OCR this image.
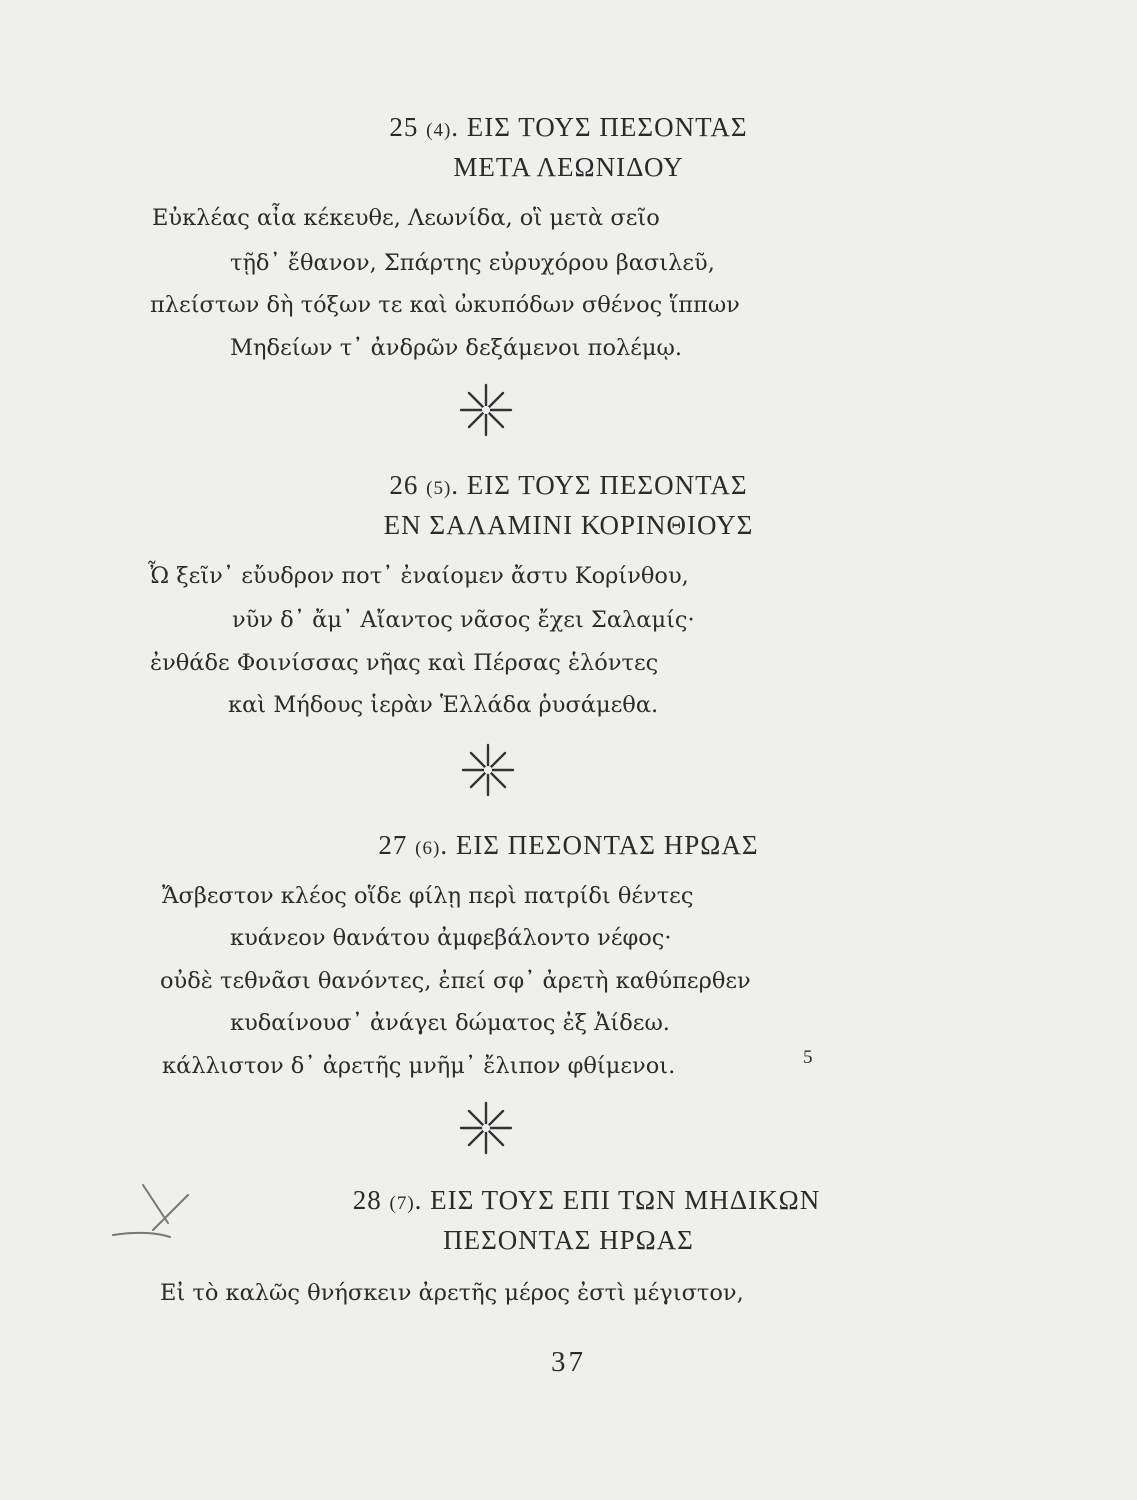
25 (4). ΕΙΣ ΤΟΥΣ ΠΕΣΟΝΤΑΣ
ΜΕΤΑ ΛΕΩΝΙΔΟΥ
Εὐκλέας αἶα κέκευθε, Λεωνίδα, οἳ μετὰ σεῖο
τῇδ᾽ ἔθανον, Σπάρτης εὐρυχόρου βασιλεῦ,
πλείστων δὴ τόξων τε καὶ ὠκυπόδων σθένος ἵππων
Μηδείων τ᾽ ἀνδρῶν δεξάμενοι πολέμῳ.
26 (5). ΕΙΣ ΤΟΥΣ ΠΕΣΟΝΤΑΣ
ΕΝ ΣΑΛΑΜΙΝΙ ΚΟΡΙΝΘΙΟΥΣ
Ὦ ξεῖν᾽ εὔυδρον ποτ᾽ ἐναίομεν ἄστυ Κορίνθου,
νῦν δ᾽ ἄμ᾽ Αἴαντος νᾶσος ἔχει Σαλαμίς·
ἐνθάδε Φοινίσσας νῆας καὶ Πέρσας ἑλόντες
καὶ Μήδους ἱερὰν Ἑλλάδα ῥυσάμεθα.
27 (6). ΕΙΣ ΠΕΣΟΝΤΑΣ ΗΡΩΑΣ
Ἄσβεστον κλέος οἵδε φίλῃ περὶ πατρίδι θέντες
κυάνεον θανάτου ἀμφεβάλοντο νέφος·
οὐδὲ τεθνᾶσι θανόντες, ἐπεί σφ᾽ ἀρετὴ καθύπερθεν
κυδαίνουσ᾽ ἀνάγει δώματος ἐξ Ἀίδεω.
κάλλιστον δ᾽ ἀρετῆς μνῆμ᾽ ἔλιπον φθίμενοι.	5
28 (7). ΕΙΣ ΤΟΥΣ ΕΠΙ ΤΩΝ ΜΗΔΙΚΩΝ
ΠΕΣΟΝΤΑΣ ΗΡΩΑΣ
Εἰ τὸ καλῶς θνήσκειν ἀρετῆς μέρος ἐστὶ μέγιστον,
37
